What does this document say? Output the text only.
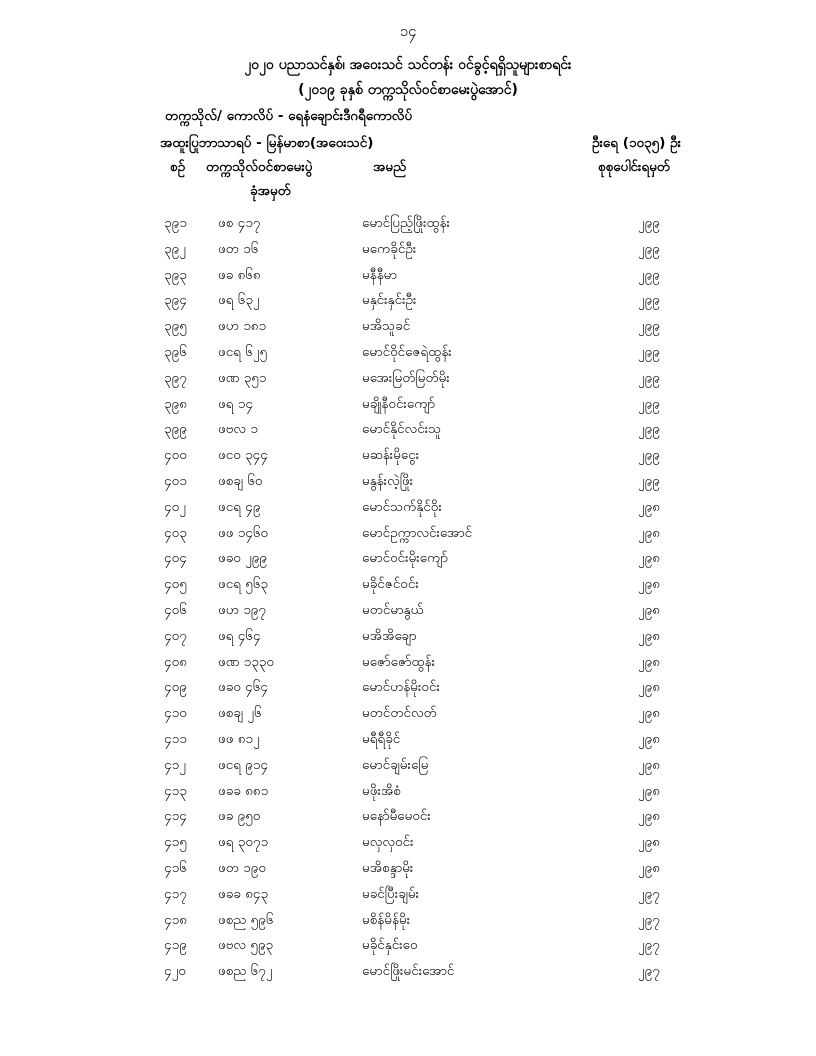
၁၄
၂၀၂၀ ပညာသင်နှစ်၊ အဝေးသင် သင်တန်း ဝင်ခွင့်ရရှိသူများစာရင်း
(၂၀၁၉ ခုနှစ် တက္ကသိုလ်ဝင်စာမေးပွဲအောင်)
တက္ကသိုလ်/ ကောလိပ် - ရေနံချောင်းဒီဂရီကောလိပ်
အထူးပြုဘာသာရပ် - မြန်မာစာ(အဝေးသင်)	ဦးရေ (၁၀၃၅) ဦး
စဉ် တက္ကသိုလ်ဝင်စာမေးပွဲ
ခုံအမှတ်
အမည်	စုစုပေါင်းရမှတ်
၃၉၁ ဖစ ၄၁၇	မောင်ပြည့်ဖြိုးထွန်း	၂၉၉
၃၉၂ ဖတ ၁၆	မကေခိုင်ဦး	၂၉၉
၃၉၃ ဖခ ၈၆၈	မနီနီမာ	၂၉၉
၃၉၄ ဖရ ၆၃၂	မနှင်းနှင်းဦး	၂၉၉
၃၉၅ ဖဟ ၁၈၁	မအိသူခင်	၂၉၉
၃၉၆ ဖငရ ၆၂၅	မောင်ဝိုင်ဇေရဲထွန်း	၂၉၉
၃၉၇ ဖဏ ၃၅၁	မအေးမြတ်မြတ်မိုး	၂၉၉
၃၉၈ ဖရ ၁၄	မချိုနီဝင်းကျော်	၂၉၉
၃၉၉ ဖဗလ ၁	မောင်နိုင်လင်းသူ	၂၉၉
၄၀၀ ဖငဝ ၃၄၄	မဆန်းမိုငွေး	၂၉၉
၄၀၁ ဖစချ ၆၀	မနွန်းလဲ့ဖြိုး	၂၉၉
၄၀၂ ဖငရ ၄၉	မောင်သက်နိုင်ဝိုး	၂၉၈
၄၀၃ ဖဖ ၁၄၆၀	မောင်ဥက္ကာလင်းအောင်	၂၉၈
၄၀၄ ဖခဝ ၂၉၉	မောင်ဝင်းမိုးကျော်	၂၉၈
၄၀၅ ဖငရ ၅၆၃	မခိုင်ဇင်ဝင်း	၂၉၈
၄၀၆ ဖဟ ၁၉၇	မတင်မာနွယ်	၂၉၈
၄၀၇ ဖရ ၄၆၄	မအိအိချော	၂၉၈
၄၀၈ ဖဏ ၁၃၃၀	မဇော်ဇော်ထွန်း	၂၉၈
၄၀၉ ဖခဝ ၄၆၄	မောင်ဟန်မိုးဝင်း	၂၉၈
၄၁၀ ဖစချ ၂၆	မတင်တင်လတ်	၂၉၈
၄၁၁ ဖဖ ၈၁၂	မရီရီခိုင်	၂၉၈
၄၁၂ ဖငရ ၉၁၄	မောင်ချမ်းမြေ	၂၉၈
၄၁၃ ဖခခ ၈၈၁	မဖိုးအိစံ	၂၉၈
၄၁၄ ဖခ ၉၅၀	မနော်မီမေဝင်း	၂၉၈
၄၁၅ ဖရ ၃၀၇၁	မလှလှဝင်း	၂၉၈
၄၁၆ ဖတ ၁၉၀	မအိစန္ဒာမိုး	၂၉၈
၄၁၇ ဖခခ ၈၄၃	မခင်ပြီးချမ်း	၂၉၇
၄၁၈ ဖစည ၅၉၆	မစိန်မိန်မိုး	၂၉၇
၄၁၉ ဖဗလ ၅၉၃	မခိုင်နှင်းဝေ	၂၉၇
၄၂၀ ဖစည ၆၇၂	မောင်ဖြိုးမင်းအောင်	၂၉၇
